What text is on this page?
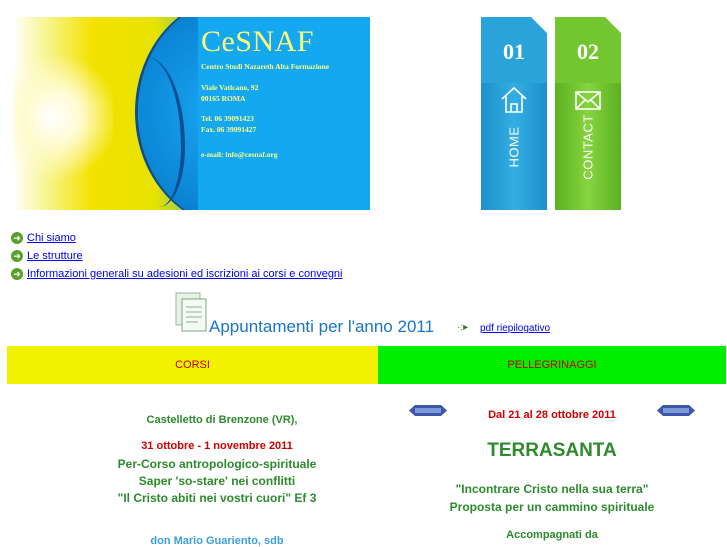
CeSNAF
Centro Studi Nazareth Alta Formazione
Viale Vaticano, 92
00165 ROMA
Tel. 06 39091423
Fax. 06 39091427
e-mail: info@cesnaf.org
01
HOME
02
CONTACT
➜ Chi siamo
➜ Le strutture
➜ Informazioni generali su adesioni ed iscrizioni ai corsi e convegni
Appuntamenti per l'anno 2011 ·:▸ pdf riepilogativo
CORSI	PELLEGRINAGGI
Castelletto di Brenzone (VR),
31 ottobre - 1 novembre 2011
Per-Corso antropologico-spirituale
Saper 'so-stare' nei conflitti
"Il Cristo abiti nei vostri cuori" Ef 3
don Mario Guariento, sdb
Dal 21 al 28 ottobre 2011
TERRASANTA
"Incontrare Cristo nella sua terra"
Proposta per un cammino spirituale
Accompagnati da
